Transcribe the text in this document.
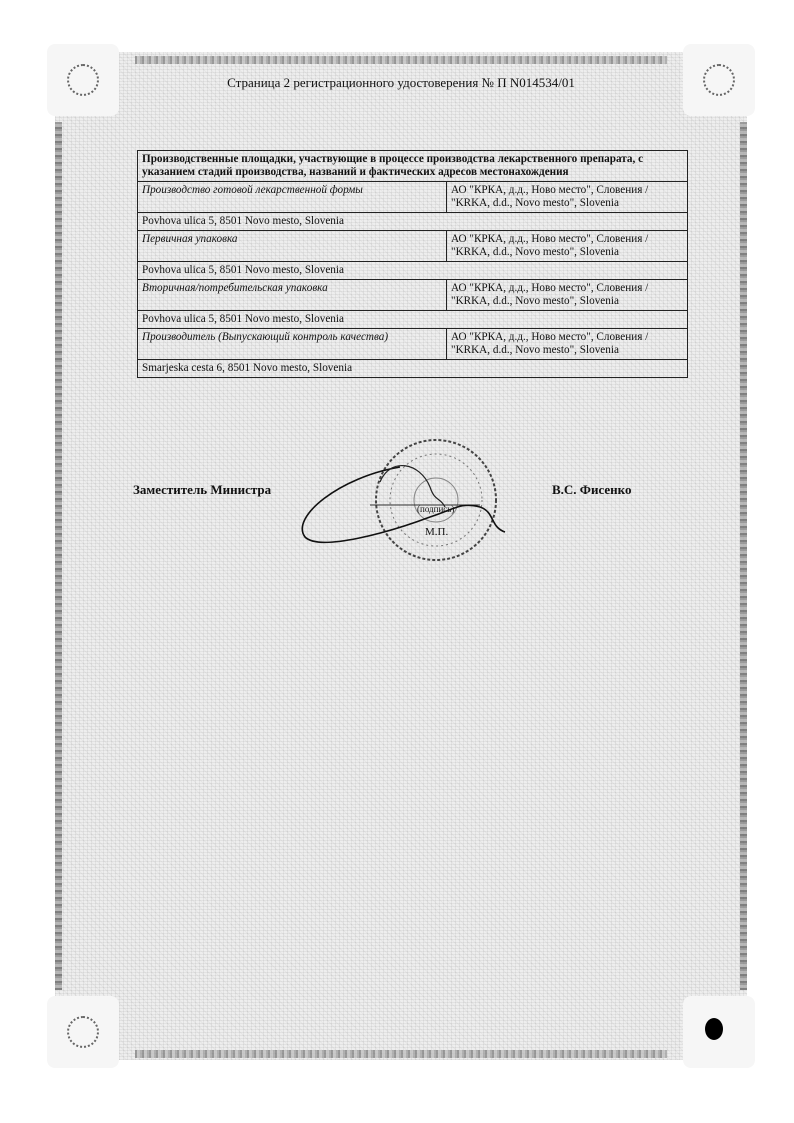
Страница 2 регистрационного удостоверения № П N014534/01
Производственные площадки, участвующие в процессе производства лекарственного препарата, с указанием стадий производства, названий и фактических адресов местонахождения	
Производство готовой лекарственной формы	АО "КРКА, д.д., Ново место", Словения / "KRKA, d.d., Novo mesto", Slovenia
Povhova ulica 5, 8501 Novo mesto, Slovenia	
Первичная упаковка	АО "КРКА, д.д., Ново место", Словения / "KRKA, d.d., Novo mesto", Slovenia
Povhova ulica 5, 8501 Novo mesto, Slovenia	
Вторичная/потребительская упаковка	АО "КРКА, д.д., Ново место", Словения / "KRKA, d.d., Novo mesto", Slovenia
Povhova ulica 5, 8501 Novo mesto, Slovenia	
Производитель (Выпускающий контроль качества)	АО "КРКА, д.д., Ново место", Словения / "KRKA, d.d., Novo mesto", Slovenia
Smarjeska cesta 6, 8501 Novo mesto, Slovenia	
Заместитель Министра	В.С. Фисенко
(подпись)
М.П.
